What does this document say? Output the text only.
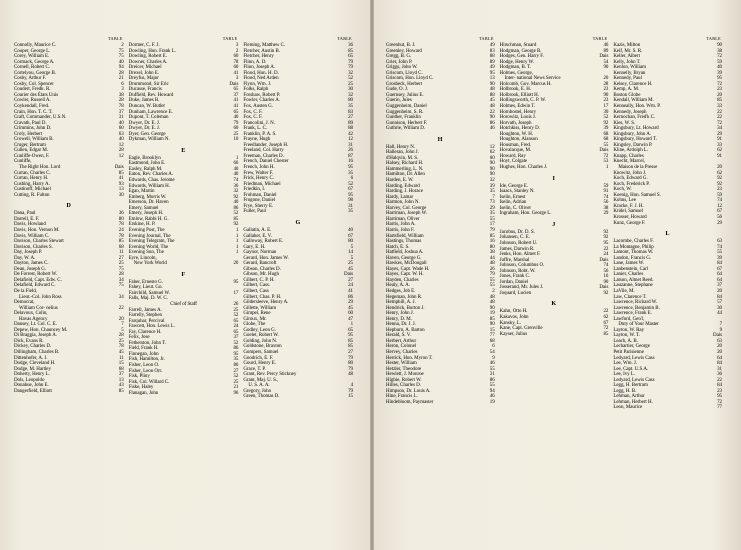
TABLE
Connolly, Maurice C.	2
Cooper, George L.	75
Corey, William E.	75
Cormack, George A.	40
Cornell, Robert C.	94
Cortelyou, George B.	28
Cosby, Arthur F.	21
Cosby, Col. Spencer	6
Coudert, Fredk. R.	3
Courier des États Unis	38
Cowler, Russell A.	28
Coykendall, Fred.	78
Crain, Hon. T. C. T.	37
Craft, Commander, U.S.N.	31
Cravath, Paul D.	40
Crimmins, John D.	60
Croly, Herbert	63
Crowell, William B.	40
Cruger, Bertram	12
Cullen, Edgar M.	28
Cunliffe-Owen, F.	12
Cunliffe,
The Right Hon. Lord	Dais
Curran, Charles C.	85
Curran, Henry H.	41
Cushing, Harry A.	93
Custinoff, Michael	13
Cutting, R. Fulton	30
D
Dana, Paul	36
Darrell, E. F.	80
Davis, Howland	78
Davis, Hon. Vernon M.	24
Davis, William C.	78
Davison, Charles Stewart	85
Davison, Charles S.	68
Day, Joseph P.	11
Day, W. A.	27
Dayton, James C.	25
Dean, Joseph G.	75
De Forrest, Robert W.	28
Delafield, Capt. Edw. C.	34
Delafield, Edward C.	75
De la Field,
Lieut.-Col. John Ross	34
Democrat,
William Cor- nelius	22
Delavoux, Colin,
Havas Agency	20
Dansey, Lt. Col. C. E.	7
Depew, Hon. Chauncey M.	5
Di Braggia, Joseph A.	28
Dick, Evans R.	25
Dickey, Charles D.	78
Dillingham, Charles B.	45
Dittenhofer, A. J.	11
Dodge, Cleveland H.	15
Dodge, M. Hartley	68
Doherty, Henry L.	37
Dols, Leopoldo	13
Donahue, John E.	43
Dangerfield, Elliott	85
TABLE
Dormer, C. F. J.	3
Dowling, Hon. Frank L.	2
Dowling, Robert E.	60
Downer, Charles A.	78
Dreicer, Michael	60
Drexel, John E.	41
Dreyfus, Major	3
Drummond, Sir Eric	Dais
Ducasse, Francis	65
Duffield, Rev. Howard	37
Duke, James B.	41
Duncan, W. Butler	41
Dunham, Lawrence E.	65
Dupont, T. Coleman	40
Dwyer, Dr. E. J.	79
Dwyer, Dr. E. J.	60
Dyer, Gen. George	25
Dykman, William N.	10
E
Eagle, Brooklyn	1
Eastmond, John E.	66
Easley, Ralph M.	40
Eaton, Rev. Charles A.	40
Edwards, Chas. Jerome	74
Edwards, William H.	36
Egan, Martin	32
Emberg, Morris W.	92
Emerson, Dr. Haven	40
Emery, Samuel	86
Emery, Joseph H.	52
Emlow, Rabbi H. G.	85
Erskine, H. P.	92
Evening Post, The	1
Evening Journal, The	1
Evening Telegram, The	1
Evening World, The	1
Evening Sun, The	1
Eyre, Lincoln,
New York World	20
F
Faber, Ernesto G.	95
Fahey, Lieut. Go.
Fairchild, Samuel W.	17
Falls, Maj. D. W. C.
Chief of Staff	26
Farrell, James A.	25
Farrelly, Stephen	52
Farquhar, Percival	65
Fawcett, Hon. Lewis L.	24
Fay, Clarence H.	65
Felix, Jose	37
Fetherston, John T.	52
Field, Frank H.	86
Finnegan, John	95
Fish, Hamilton, Jr.	35
Fisher, Leon O.	86
Fisher, Leon Orr.	27
Fisk, Pliny	52
Fisk, Col. Willard C.	25
Fiske, Haley	21
Flanagan, John	96
TABLE
Fleming, Matthew C.	36
Fletcher, Austin B.	85
Fletcher, Henry	65
Flinn, A. D.	79
Flinn, Joseph A.	79
Flood, Hon. H. D.	32
Flood, Ned Arden	52
Flynn, Wm. J.	25
Folks, Ralph	30
Forshaw, Robert P.	32
Fowler, Charles A.	80
Fox, Austen G.	35
Fox, C. F.	83
Fox, C. F.	27
Francolini, J. N.	89
Frank, L. C.	88
Franklin, P. A. S.	42
Frayne, Hugh	12
Freedlander, Joseph H.	31
Freeland, Col. Harry	26
Freeman, Charles D.	87
French, Daniel Chester	16
French, John H.	95
Frew, Walter F.	35
Frick, Henry C.	6
Friedman, Michael	52
Friedkin, I.	67
Frohman, Daniel	95
Frogone, Daniel	98
Frye, Sherry E.	31
Fuller, Paul	35
G
Gallatin, A. E.	40
Gallaher, E. V.	67
Galloway, Robert E.	80
Gary, E. H.	5
Gaynor, Norman	14
Gerard, Hon. James W.	5
Gerard, Bancroft	25
Gibson, Charles D.	45
Gibson, Mr. Hugh	Dais
Gilbert, C. P. H.	27
Gilbert, Cass.	24
Gilbert, Cass	41
Gilbert, Chas. P. H.	86
Gildersleeve, Henry A.	29
Gillette, William	45
Gimpel, Rene	60
Giroux, Mr.	47
Globe, The	1
Godley, Leon G.	65
Goelet, Robert W.	95
Golding, John N.	85
Goldstone, Braxton	85
Gompers, Samuel	27
Goodrich, E. F.	79
Gourd, Henry E.	80
Grace, T. P.	79
Grant, Rev. Percy Stickney	48
Grant, Maj. U. S.,
U. S. A. A.	4
Gregory, John	79
Green, Thomas D.	15
TABLE
Greenhut, B. J.	49
Greenley, Howard	83
Gregg, B. G.	88
Grier, John P.	89
Griggs, John W.	49
Griscom, Lloyd C.	95
Griscom, Hon. Lloyd C.	13
Grosbeck, Herbert	90
Gude, O. J.	48
Guernsey, Julius E.	88
Guerin, Jules	45
Guggenheim, Daniel	48
Guggenheim, S. R.	22
Gunther, Franklin	90
Gunnison, Herbert F.	86
Guthrie, William D.	46
H
Hall, Henry N.	12
Halleran, John J.	62
d'Halqvin, M. S.	60
Halsey, Richard H.	90
Hammerling, L. N.	90
Hamilton, Dr. Allen	90
Harden, E. W.	32
Harding, Edward	39
Harding, J. Horace	35
Hardy, Lamar	7
Harmon, John N.	73
Harvey, Col. George	29
Harriman, Joseph W.	35
Harriman, Oliver	55
Harris, John A.	17
Harris, John F.	79
Hartsfield, William	85
Hastings, Thomas	16
Hatch, E. S.	80
Hatfield, Joshua A.	38
Haven, George G.	44
Hawkes, McDougall	48
Hayes, Capt. Wade H.	26
Hayes, Capt. W. H.	79
Hayden, Charles	55
Healy, A. A.	55
Hedges, Job E.	2
Hegeman, John R.	48
Hemphill, A. J.	48
Hendrick, Burton J.	90
Henry, John J.	19
Henry, D. M.	85
Henna, Dr. J. J.	90
Hepburn, A. Barton	15
Herald, S. V.	77
Herbert, Arthur	68
Heron, Colonel	6
Hervey, Charles	54
Herrick, Hon. Myron T.	9
Hester, William	46
Hetzler, Theodore	55
Hewlett, J. Monroe	31
Higbie, Robert W.	86
Hilles, Charles D.	55
Himpson, Dr. Louis A.	94
Hine, Francis L.	46
Hindebloom, Paymaster	19
TABLE
Hirschman, Stuard	46
Hodgman, George B.	89
Hodges, Gen. Harry F.	Dais
Hodge, Henry W.	54
Hodgman, B. T.	90
Holmes, George,
Inter- national News Service	20
Holcomb, Gov. Marcus H.	28
Holbrook, E. H.	23
Holbrook, Elliott H.	90
Hollingsworth, C. P. W.	23
Holmes, Edwin T.	17
Hornbostel, Henry	30
Horowitz, Louis J.	52
Horvath, Joseph	92
Hotchkiss, Henry D.	39
Houghton, W. H.	68
Houghton, Alanson	68
Housman, Fred.	55
Hovalacque, M.	Dais
Howard, Ray	72
Hoyt, Colgate	53
Hughes, Hon. Charles J.	1
I
Ide, George E.	59
Isaacs, Stanley N.	91
Iselin, Ernest	74
Iselin, Adrian	56
Iselin, C. Oliver	38
Ingraham, Hon. George L.	29
J
Jacobus, Dr. D. S.	92
Johansen, C. E.	92
Johnson, Robert U.	95
James, Darwin R.	22
Jenks, Hon. Almet F.	24
Joffre, Marshal	Dais
Johnson, Columbus O.	74
Johnson, Robt. W.	56
Jones, Frank C.	16
Jordan, Daniel	90
Josserand, Mr. Jules J.	Dais
Joquard, Lucien	92
K
Kahn, Otto H.	22
Kakavos, John	62
Kansky, L.	67
Kane, Capt. Grenville	72
Kayser, Julius	85
TABLE
Kazis, Milton	90
Kelf, Mr. S. R.	38
Keller, Albert	72
Kelly, John T.	59
Kenlon, William	40
Kennelly, Bryan	39
Kennedy, Paul	95
Kelsey, Clarence H.	72
Kemp, A. M.	23
Boston Globe	20
Kendall, William M.	85
Kenneally, Hon. Wm. P.	33
Kennedy, Joseph	22
Kernochan, Fred'k C.	22
Kies, W. S.	72
Kingsbury, Lt. Howard	34
Kingsbury, John A.	29
Kingsbury, Howard T.	91
Kingsley, Darwin P.	33
Kline, Ardolph L.	62
Knapp, Charles	91
Knecht, Marcel,
Maison de la Presse	20
Knowitz, John J.	62
Koch, Edward G.	92
Koch, Frederick P.	92
Koch, W.	23
Koenig, Hon. Samuel S.	59
Kohns, Lee	74
Kracke, F. J. H.	12
Kridel, Samuel	67
Krosser, Howard	56
Kunz, George F.	29
L
Lacombe, Charles F.	63
La Montagne, Philip	74
Lamont, Thomas W.	55
Landon, Francis G.	39
Lane, James W.	84
Lanbenstein, Carl	67
Lanier, Charles	64
Latson, Almet Reed.	64
Lauzanne, Stephane	37
LaVile, M.	20
Law, Clarence T.	84
Lawrence, Richard W.	57
Lawrence, Benjamin B.	30
Lawrence, Frank E.	44
Lawford, Gen'l,
Duty of Your Master	7
Layton, W. Ray	9
Layton, W. T.	Dais
Leach, A. B.	63
Lechartier, George	20
Petit Parisienne	20
Ledyard, Lewis Cass	64
Lee, Wm. J.	84
Lee, Capt. U.S.A.	31
Lee, Ivy L.	36
Ledyard, Lewis Cass	22
Legg, H. Bertram	84
Legg, H. B.	23
Lehman, Arthur	95
Lehman, Herbert H.	72
Leon, Maurice	77
